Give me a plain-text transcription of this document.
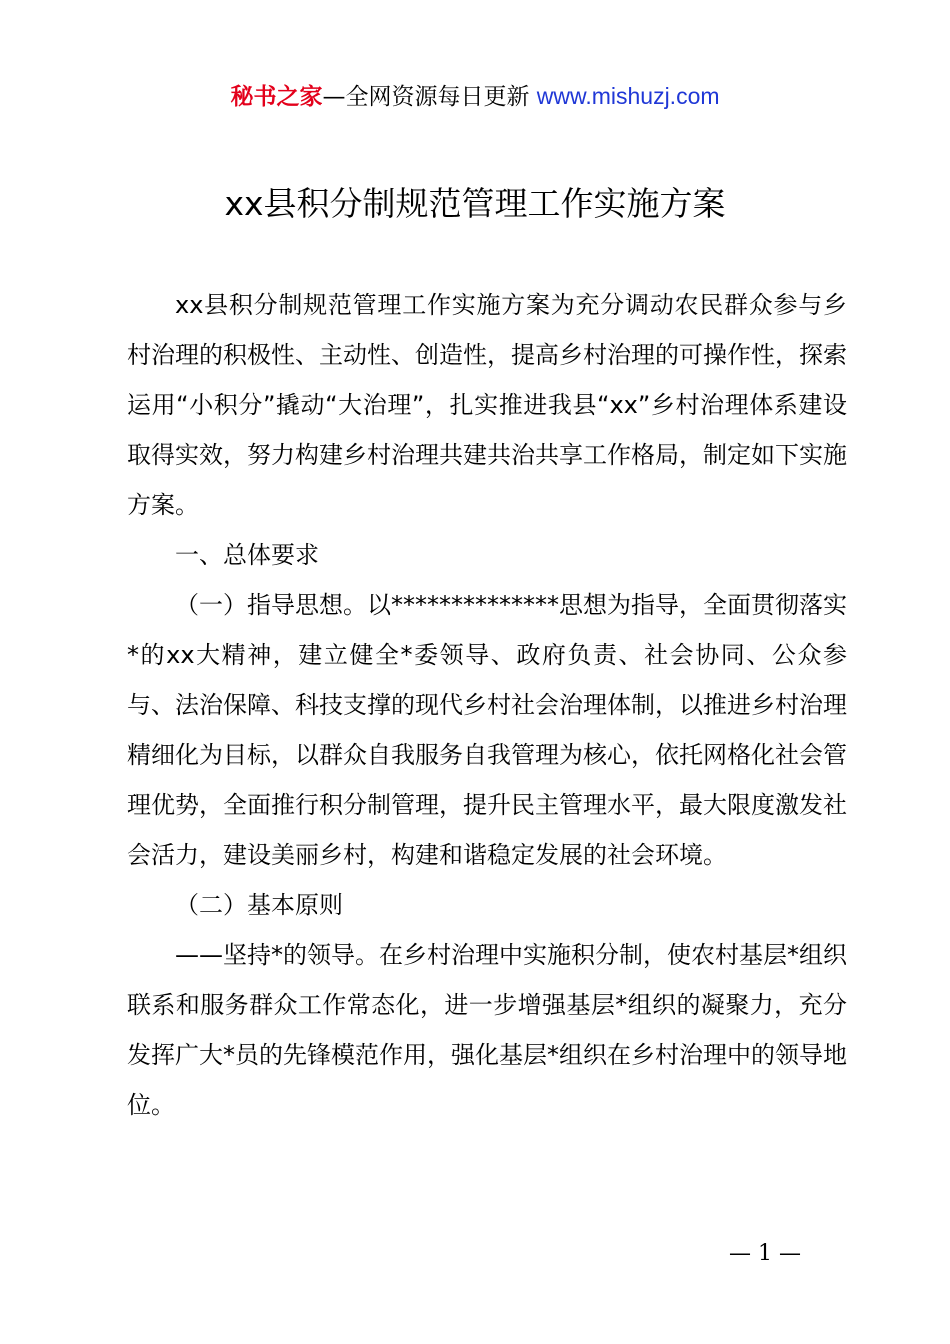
秘书之家—全网资源每日更新 www.mishuzj.com
xx县积分制规范管理工作实施方案

xx县积分制规范管理工作实施方案为充分调动农民群众参与乡村治理的积极性、主动性、创造性，提高乡村治理的可操作性，探索运用“小积分”撬动“大治理”，扎实推进我县“xx”乡村治理体系建设取得实效，努力构建乡村治理共建共治共享工作格局，制定如下实施方案。

一、总体要求

（一）指导思想。以**************思想为指导，全面贯彻落实*的xx大精神，建立健全*委领导、政府负责、社会协同、公众参与、法治保障、科技支撑的现代乡村社会治理体制，以推进乡村治理精细化为目标，以群众自我服务自我管理为核心，依托网格化社会管理优势，全面推行积分制管理，提升民主管理水平，最大限度激发社会活力，建设美丽乡村，构建和谐稳定发展的社会环境。

（二）基本原则

——坚持*的领导。在乡村治理中实施积分制，使农村基层*组织联系和服务群众工作常态化，进一步增强基层*组织的凝聚力，充分发挥广大*员的先锋模范作用，强化基层*组织在乡村治理中的领导地位。

— 1 —
